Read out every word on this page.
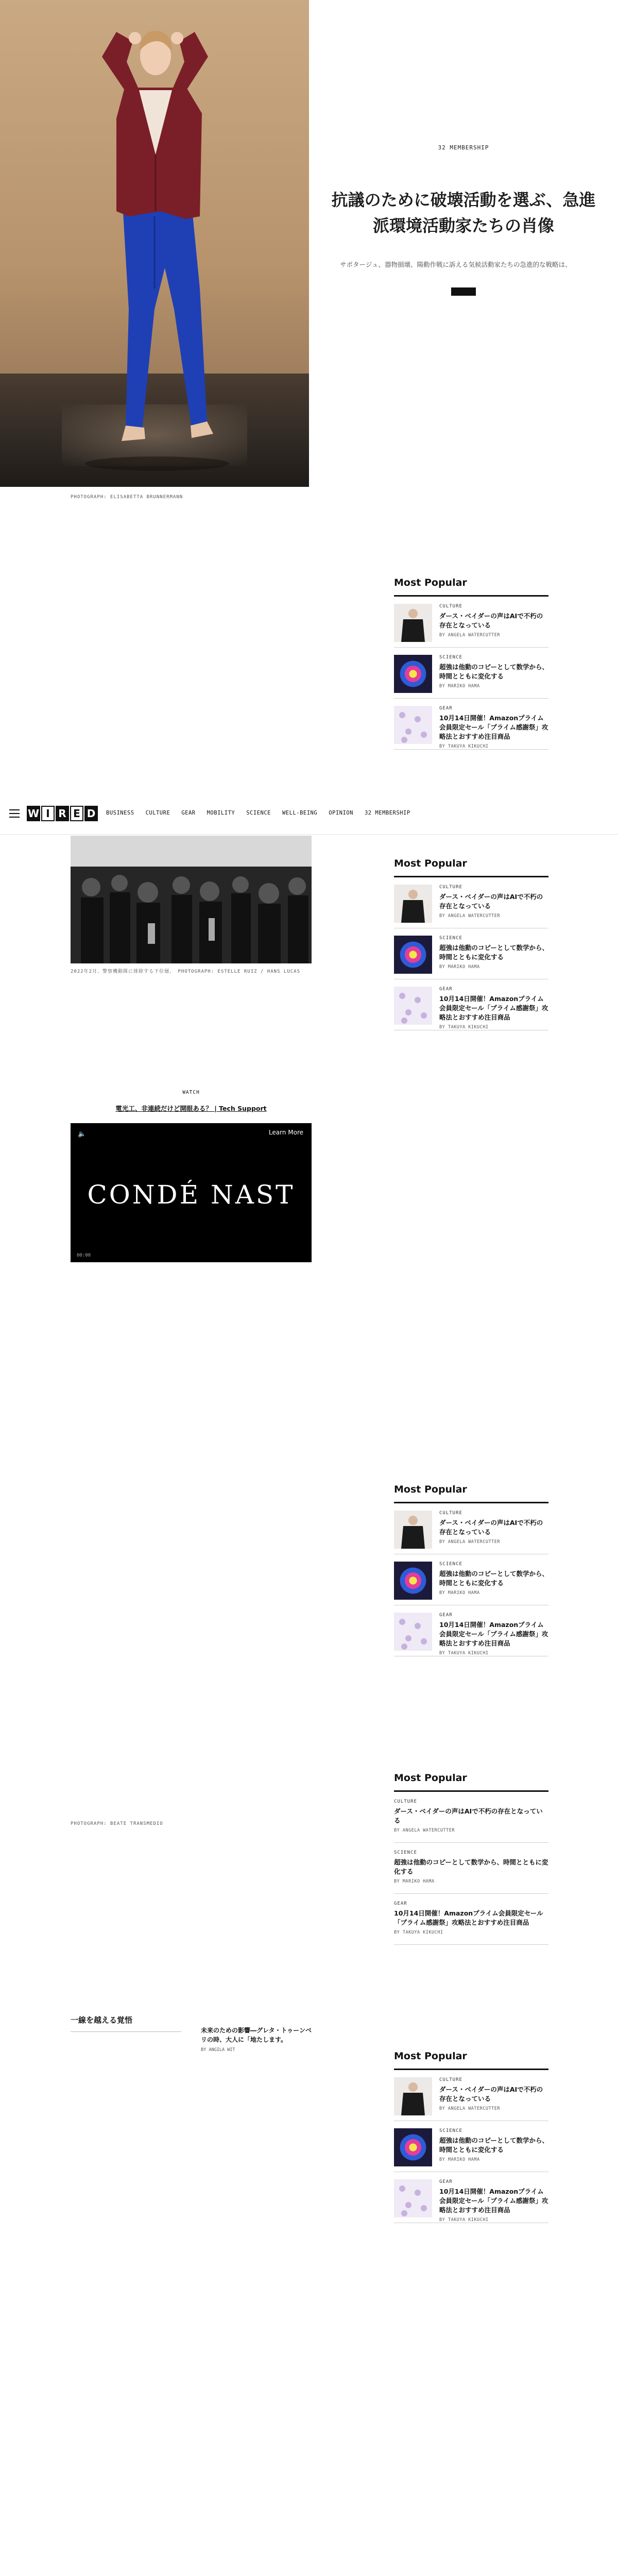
32 MEMBERSHIP
抗議のために破壊活動を選ぶ、急進派環境活動家たちの肖像

サボタージュ、器物損壊、陽動作戦に訴える気候活動家たちの急進的な戦略は、

PHOTOGRAPH: ELISABETTA BRUNNERMANN

Most Popular
CULTURE
ダース・ベイダーの声はAIで不朽の存在となっている
BY ANGELA WATERCUTTER
SCIENCE
超強は他動のコピーとして数学から、時間とともに変化する
BY MARIKO HAMA
GEAR
10月14日開催！Amazonプライム会員限定セール「プライム感謝祭」攻略法とおすすめ注目商品
BY TAKUYA KIKUCHI
W I R E D	BUSINESS CULTURE GEAR MOBILITY SCIENCE WELL-BEING OPINION 32 MEMBERSHIP
2022年2月、警察機動隊に排除する下位層。 PHOTOGRAPH: ESTELLE RUIZ / HANS LUCAS

Most Popular
CULTURE
ダース・ベイダーの声はAIで不朽の存在となっている
BY ANGELA WATERCUTTER
SCIENCE
超強は他動のコピーとして数学から、時間とともに変化する
BY MARIKO HAMA
GEAR
10月14日開催！Amazonプライム会員限定セール「プライム感謝祭」攻略法とおすすめ注目商品
BY TAKUYA KIKUCHI
WATCH
電光工、非連続だけど開眼ある？ | Tech Support
🔈	Learn More
CONDÉ NAST
00:00

Most Popular
CULTURE
ダース・ベイダーの声はAIで不朽の存在となっている
BY ANGELA WATERCUTTER
SCIENCE
超強は他動のコピーとして数学から、時間とともに変化する
BY MARIKO HAMA
GEAR
10月14日開催！Amazonプライム会員限定セール「プライム感謝祭」攻略法とおすすめ注目商品
BY TAKUYA KIKUCHI
Most Popular
CULTURE
ダース・ベイダーの声はAIで不朽の存在となっている
BY ANGELA WATERCUTTER
SCIENCE
超強は他動のコピーとして数学から、時間とともに変化する
BY MARIKO HAMA
GEAR
10月14日開催！Amazonプライム会員限定セール「プライム感謝祭」攻略法とおすすめ注目商品
BY TAKUYA KIKUCHI
PHOTOGRAPH: BEATE TRANSMEDIO

一線を越える覚悟

未来のための影響―グレタ・トゥーンベリの時、大人に「地たします。
BY ANGILA WIT
Most Popular
CULTURE
ダース・ベイダーの声はAIで不朽の存在となっている
BY ANGELA WATERCUTTER
SCIENCE
超強は他動のコピーとして数学から、時間とともに変化する
BY MARIKO HAMA
GEAR
10月14日開催！Amazonプライム会員限定セール「プライム感謝祭」攻略法とおすすめ注目商品
BY TAKUYA KIKUCHI
